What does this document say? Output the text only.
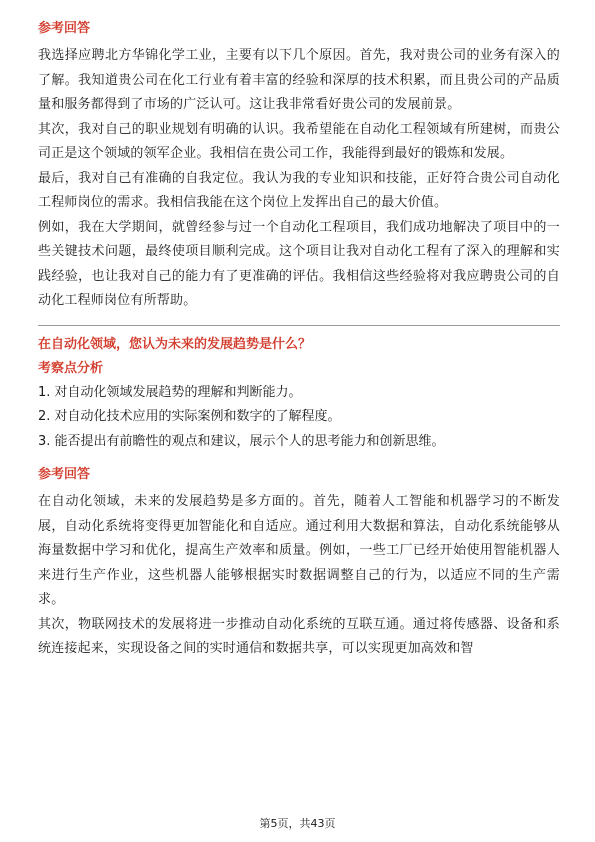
参考回答

我选择应聘北方华锦化学工业，主要有以下几个原因。首先，我对贵公司的业务有深入的了解。我知道贵公司在化工行业有着丰富的经验和深厚的技术积累，而且贵公司的产品质量和服务都得到了市场的广泛认可。这让我非常看好贵公司的发展前景。

其次，我对自己的职业规划有明确的认识。我希望能在自动化工程领域有所建树，而贵公司正是这个领域的领军企业。我相信在贵公司工作，我能得到最好的锻炼和发展。

最后，我对自己有准确的自我定位。我认为我的专业知识和技能，正好符合贵公司自动化工程师岗位的需求。我相信我能在这个岗位上发挥出自己的最大价值。

例如，我在大学期间，就曾经参与过一个自动化工程项目，我们成功地解决了项目中的一些关键技术问题，最终使项目顺利完成。这个项目让我对自动化工程有了深入的理解和实践经验，也让我对自己的能力有了更准确的评估。我相信这些经验将对我应聘贵公司的自动化工程师岗位有所帮助。

在自动化领域，您认为未来的发展趋势是什么？

考察点分析

1. 对自动化领域发展趋势的理解和判断能力。

2. 对自动化技术应用的实际案例和数字的了解程度。

3. 能否提出有前瞻性的观点和建议，展示个人的思考能力和创新思维。

参考回答

在自动化领域，未来的发展趋势是多方面的。首先，随着人工智能和机器学习的不断发展，自动化系统将变得更加智能化和自适应。通过利用大数据和算法，自动化系统能够从海量数据中学习和优化，提高生产效率和质量。例如，一些工厂已经开始使用智能机器人来进行生产作业，这些机器人能够根据实时数据调整自己的行为，以适应不同的生产需求。

其次，物联网技术的发展将进一步推动自动化系统的互联互通。通过将传感器、设备和系统连接起来，实现设备之间的实时通信和数据共享，可以实现更加高效和智

第5页，共43页
